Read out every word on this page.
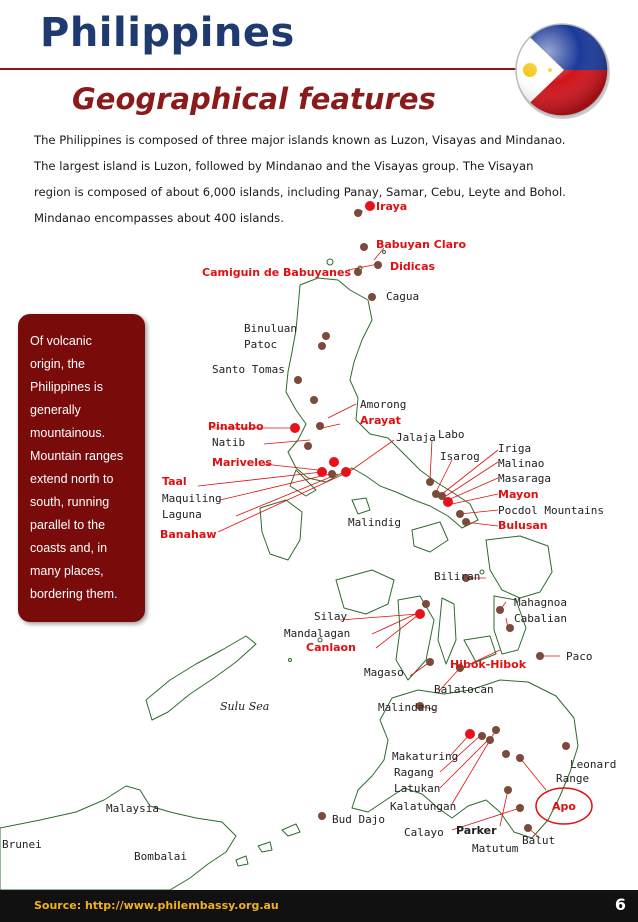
Philippines
Geographical features

The Philippines is composed of three major islands known as Luzon, Visayas and Mindanao.

The largest island is Luzon, followed by Mindanao and the Visayas group. The Visayan

region is composed of about 6,000 islands, including Panay, Samar, Cebu, Leyte and Bohol.

Mindanao encompasses about 400 islands.

Iraya
Babuyan Claro
Didicas
Camiguin de Babuyanes
Cagua
Binuluan
Patoc
Santo Tomas
Amorong
Arayat
Pinatubo
Natib
Mariveles
Jalaja Labo
Isarog
Iriga
Malinao
Masaraga
Mayon
Pocdol Mountains
Bulusan
Taal
Maquiling
Laguna
Banahaw
Malindig
Biliran
Mahagnoa
Cabalian
Silay
Mandalagan
Canlaon
Paco
Magaso
Hibok-Hibok
Balatocan
Malindang
Makaturing
Ragang
Latukan
Kalatungan
Leonard
Range
Apo
Bud Dajo
Calayo Parker
Balut
Matutum
Bombalai
Sulu Sea
Malaysia
Brunei
Of volcanic
origin, the
Philippines is
generally
mountainous.
Mountain ranges
extend north to
south, running
parallel to the
coasts and, in
many places,
bordering them.
Source: http://www.philembassy.org.au	6
